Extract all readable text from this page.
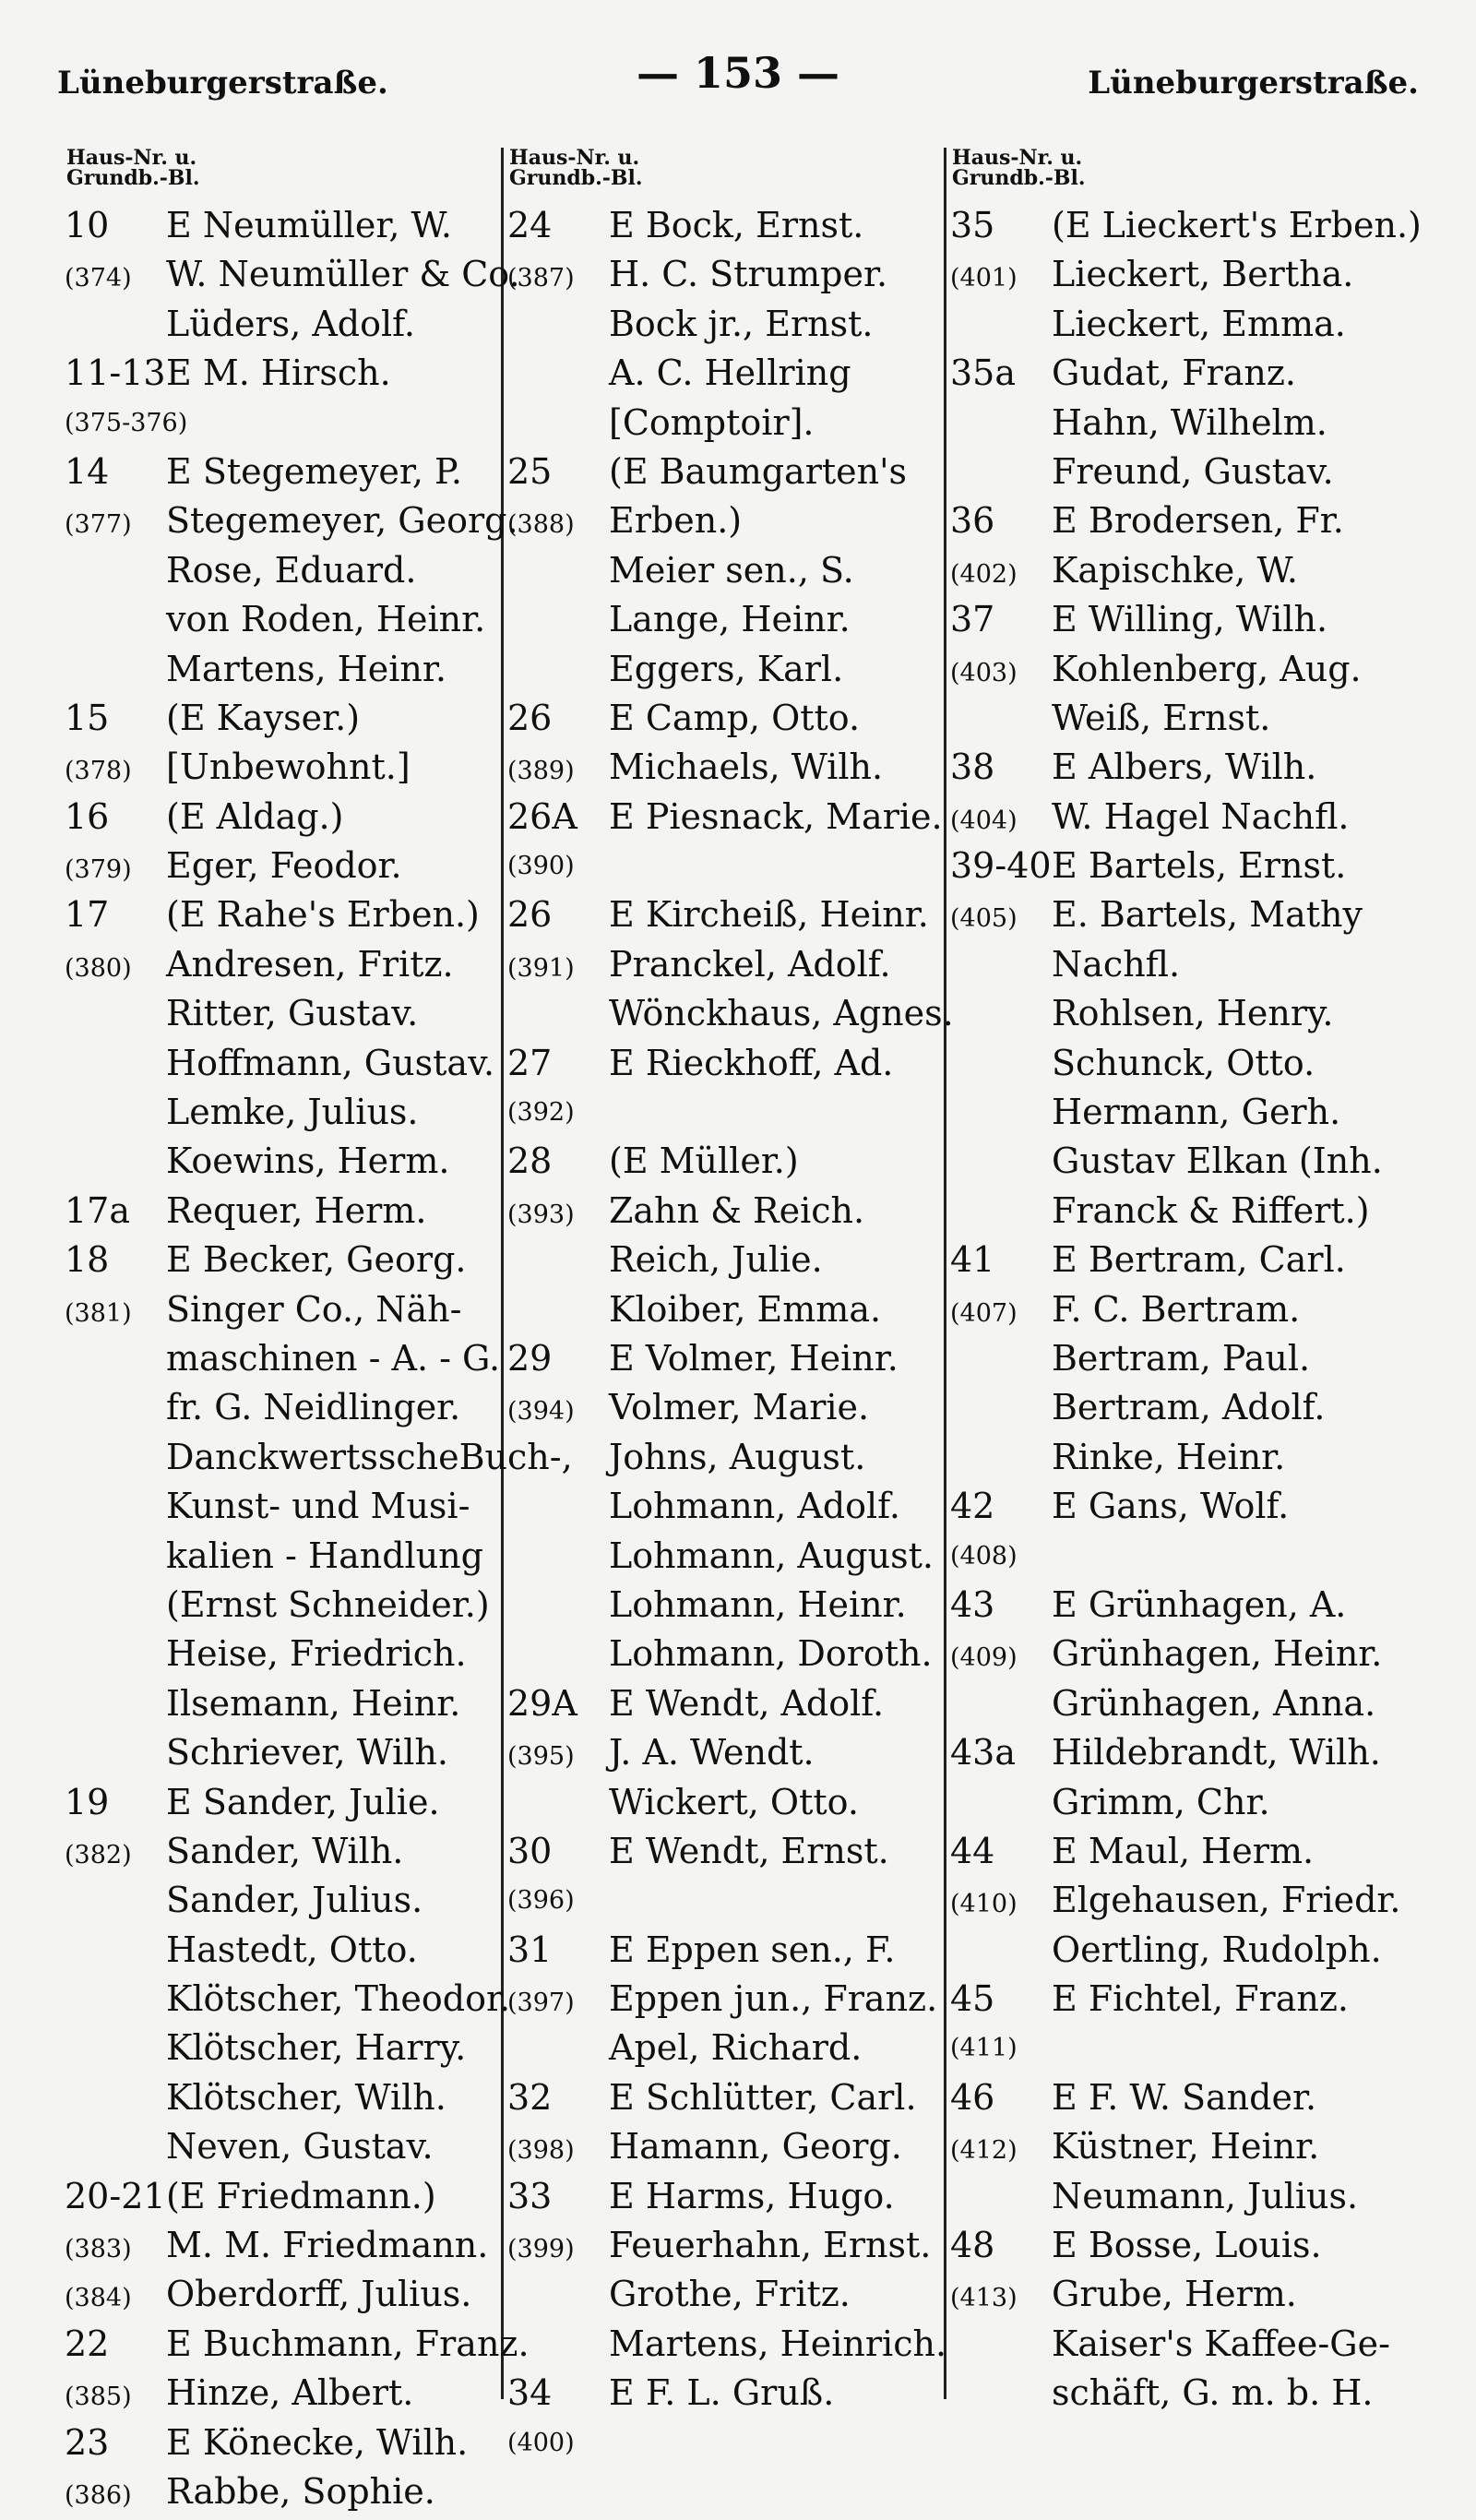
Lüneburgerstraße.	— 153 —	Lüneburgerstraße.
Haus-Nr. u.
Grundb.-Bl.
10	E Neumüller, W.
(374) W. Neumüller & Co.
Lüders, Adolf.
11-13 E M. Hirsch.
(375-376)
14	E Stegemeyer, P.
(377) Stegemeyer, Georg.
Rose, Eduard.
von Roden, Heinr.
Martens, Heinr.
15	(E Kayser.)
(378) [Unbewohnt.]
16	(E Aldag.)
(379) Eger, Feodor.
17	(E Rahe's Erben.)
(380) Andresen, Fritz.
Ritter, Gustav.
Hoffmann, Gustav.
Lemke, Julius.
Koewins, Herm.
17a	Requer, Herm.
18	E Becker, Georg.
(381) Singer Co., Näh-
maschinen - A. - G.
fr. G. Neidlinger.
DanckwertsscheBuch-,
Kunst- und Musi-
kalien - Handlung
(Ernst Schneider.)
Heise, Friedrich.
Ilsemann, Heinr.
Schriever, Wilh.
19	E Sander, Julie.
(382) Sander, Wilh.
Sander, Julius.
Hastedt, Otto.
Klötscher, Theodor.
Klötscher, Harry.
Klötscher, Wilh.
Neven, Gustav.
20-21 (E Friedmann.)
(383) M. M. Friedmann.
(384) Oberdorff, Julius.
22	E Buchmann, Franz.
(385) Hinze, Albert.
23	E Könecke, Wilh.
(386) Rabbe, Sophie.
Haus-Nr. u.
Grundb.-Bl.
24	E Bock, Ernst.
(387) H. C. Strumper.
Bock jr., Ernst.
A. C. Hellring
[Comptoir].
25	(E Baumgarten's
(388) Erben.)
Meier sen., S.
Lange, Heinr.
Eggers, Karl.
26	E Camp, Otto.
(389) Michaels, Wilh.
26A E Piesnack, Marie.
(390)
26	E Kircheiß, Heinr.
(391) Pranckel, Adolf.
Wönckhaus, Agnes.
27	E Rieckhoff, Ad.
(392)
28	(E Müller.)
(393) Zahn & Reich.
Reich, Julie.
Kloiber, Emma.
29	E Volmer, Heinr.
(394) Volmer, Marie.
Johns, August.
Lohmann, Adolf.
Lohmann, August.
Lohmann, Heinr.
Lohmann, Doroth.
29A E Wendt, Adolf.
(395) J. A. Wendt.
Wickert, Otto.
30	E Wendt, Ernst.
(396)
31	E Eppen sen., F.
(397) Eppen jun., Franz.
Apel, Richard.
32	E Schlütter, Carl.
(398) Hamann, Georg.
33	E Harms, Hugo.
(399) Feuerhahn, Ernst.
Grothe, Fritz.
Martens, Heinrich.
34	E F. L. Gruß.
(400)
Haus-Nr. u.
Grundb.-Bl.
35	(E Lieckert's Erben.)
(401) Lieckert, Bertha.
Lieckert, Emma.
35a	Gudat, Franz.
Hahn, Wilhelm.
Freund, Gustav.
36	E Brodersen, Fr.
(402) Kapischke, W.
37	E Willing, Wilh.
(403) Kohlenberg, Aug.
Weiß, Ernst.
38	E Albers, Wilh.
(404) W. Hagel Nachfl.
39-40 E Bartels, Ernst.
(405) E. Bartels, Mathy
Nachfl.
Rohlsen, Henry.
Schunck, Otto.
Hermann, Gerh.
Gustav Elkan (Inh.
Franck & Riffert.)
41	E Bertram, Carl.
(407) F. C. Bertram.
Bertram, Paul.
Bertram, Adolf.
Rinke, Heinr.
42	E Gans, Wolf.
(408)
43	E Grünhagen, A.
(409) Grünhagen, Heinr.
Grünhagen, Anna.
43a	Hildebrandt, Wilh.
Grimm, Chr.
44	E Maul, Herm.
(410) Elgehausen, Friedr.
Oertling, Rudolph.
45	E Fichtel, Franz.
(411)
46	E F. W. Sander.
(412) Küstner, Heinr.
Neumann, Julius.
48	E Bosse, Louis.
(413) Grube, Herm.
Kaiser's Kaffee-Ge-
schäft, G. m. b. H.
